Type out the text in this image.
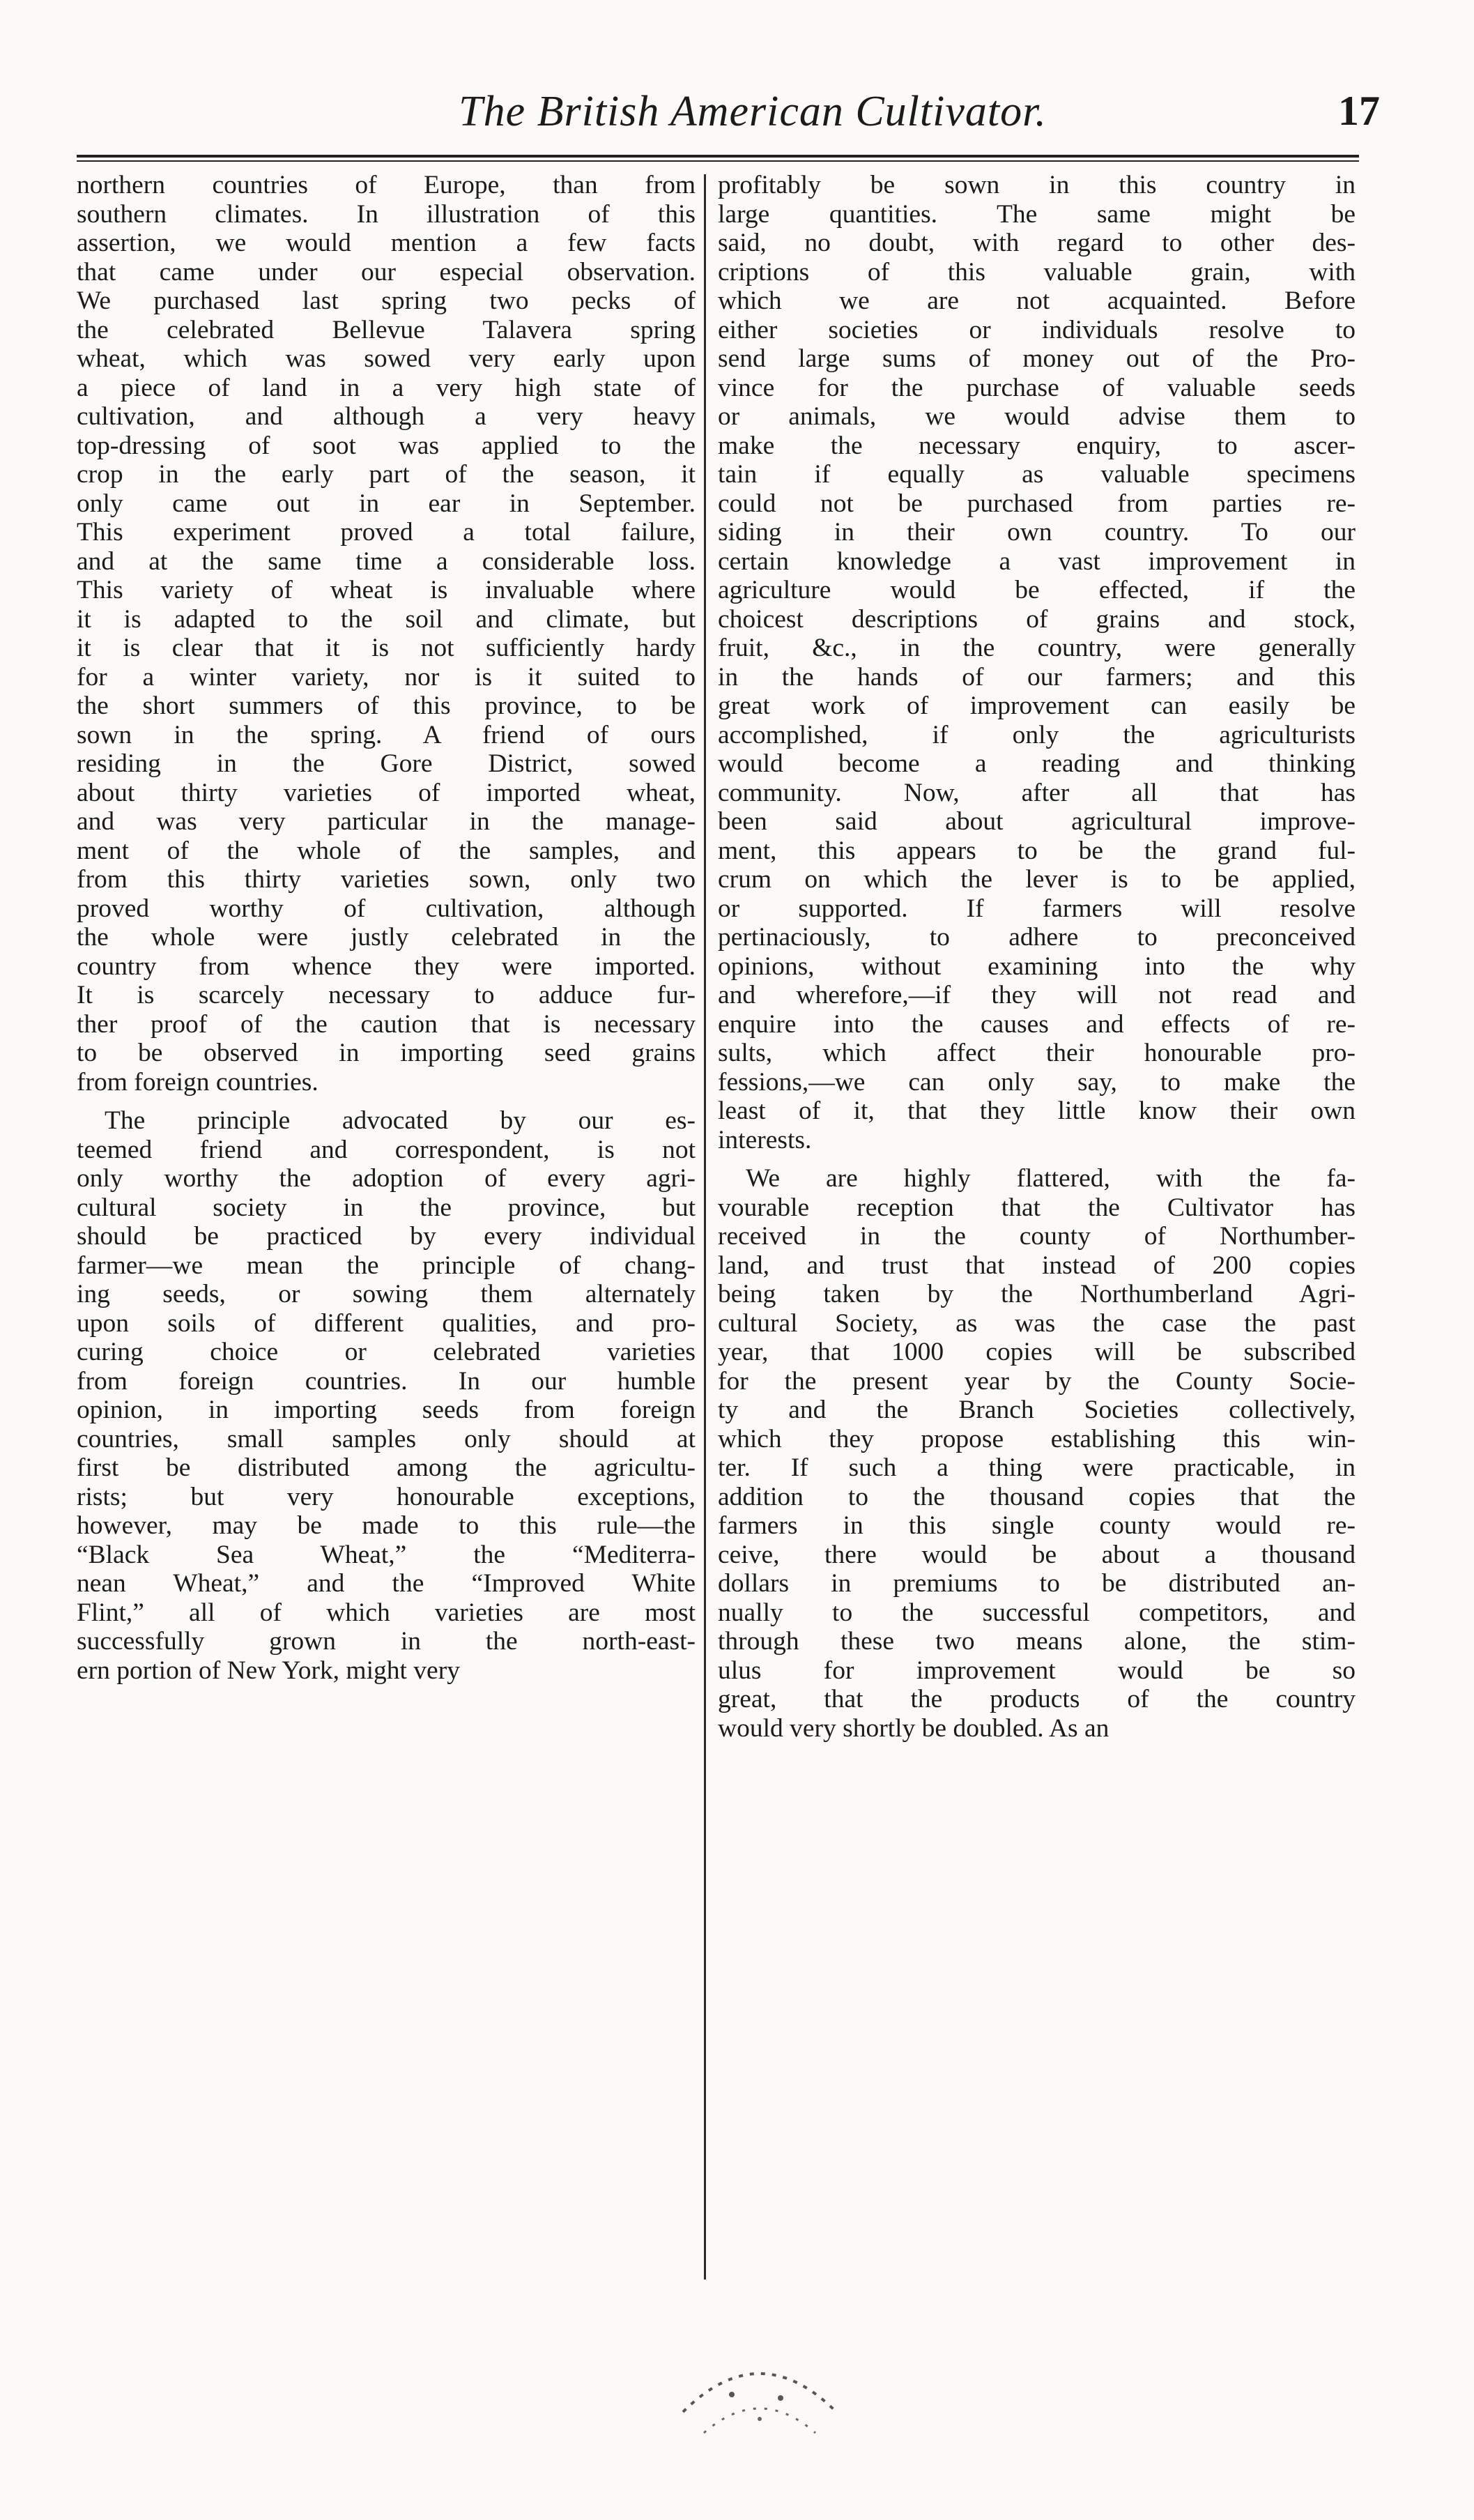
The British American Cultivator.	17
northern countries of Europe, than from
southern climates. In illustration of this
assertion, we would mention a few facts
that came under our especial observation.
We purchased last spring two pecks of
the celebrated Bellevue Talavera spring
wheat, which was sowed very early upon
a piece of land in a very high state of
cultivation, and although a very heavy
top-dressing of soot was applied to the
crop in the early part of the season, it
only came out in ear in September.
This experiment proved a total failure,
and at the same time a considerable loss.
This variety of wheat is invaluable where
it is adapted to the soil and climate, but
it is clear that it is not sufficiently hardy
for a winter variety, nor is it suited to
the short summers of this province, to be
sown in the spring. A friend of ours
residing in the Gore District, sowed
about thirty varieties of imported wheat,
and was very particular in the manage-
ment of the whole of the samples, and
from this thirty varieties sown, only two
proved worthy of cultivation, although
the whole were justly celebrated in the
country from whence they were imported.
It is scarcely necessary to adduce fur-
ther proof of the caution that is necessary
to be observed in importing seed grains
from foreign countries.
The principle advocated by our es-
teemed friend and correspondent, is not
only worthy the adoption of every agri-
cultural society in the province, but
should be practiced by every individual
farmer—we mean the principle of chang-
ing seeds, or sowing them alternately
upon soils of different qualities, and pro-
curing choice or celebrated varieties
from foreign countries. In our humble
opinion, in importing seeds from foreign
countries, small samples only should at
first be distributed among the agricultu-
rists; but very honourable exceptions,
however, may be made to this rule—the
“Black Sea Wheat,” the “Mediterra-
nean Wheat,” and the “Improved White
Flint,” all of which varieties are most
successfully grown in the north-east-
ern portion of New York, might very
profitably be sown in this country in
large quantities. The same might be
said, no doubt, with regard to other des-
criptions of this valuable grain, with
which we are not acquainted. Before
either societies or individuals resolve to
send large sums of money out of the Pro-
vince for the purchase of valuable seeds
or animals, we would advise them to
make the necessary enquiry, to ascer-
tain if equally as valuable specimens
could not be purchased from parties re-
siding in their own country. To our
certain knowledge a vast improvement in
agriculture would be effected, if the
choicest descriptions of grains and stock,
fruit, &c., in the country, were generally
in the hands of our farmers; and this
great work of improvement can easily be
accomplished, if only the agriculturists
would become a reading and thinking
community. Now, after all that has
been said about agricultural improve-
ment, this appears to be the grand ful-
crum on which the lever is to be applied,
or supported. If farmers will resolve
pertinaciously, to adhere to preconceived
opinions, without examining into the why
and wherefore,—if they will not read and
enquire into the causes and effects of re-
sults, which affect their honourable pro-
fessions,—we can only say, to make the
least of it, that they little know their own
interests.
We are highly flattered, with the fa-
vourable reception that the Cultivator has
received in the county of Northumber-
land, and trust that instead of 200 copies
being taken by the Northumberland Agri-
cultural Society, as was the case the past
year, that 1000 copies will be subscribed
for the present year by the County Socie-
ty and the Branch Societies collectively,
which they propose establishing this win-
ter. If such a thing were practicable, in
addition to the thousand copies that the
farmers in this single county would re-
ceive, there would be about a thousand
dollars in premiums to be distributed an-
nually to the successful competitors, and
through these two means alone, the stim-
ulus for improvement would be so
great, that the products of the country
would very shortly be doubled. As an
